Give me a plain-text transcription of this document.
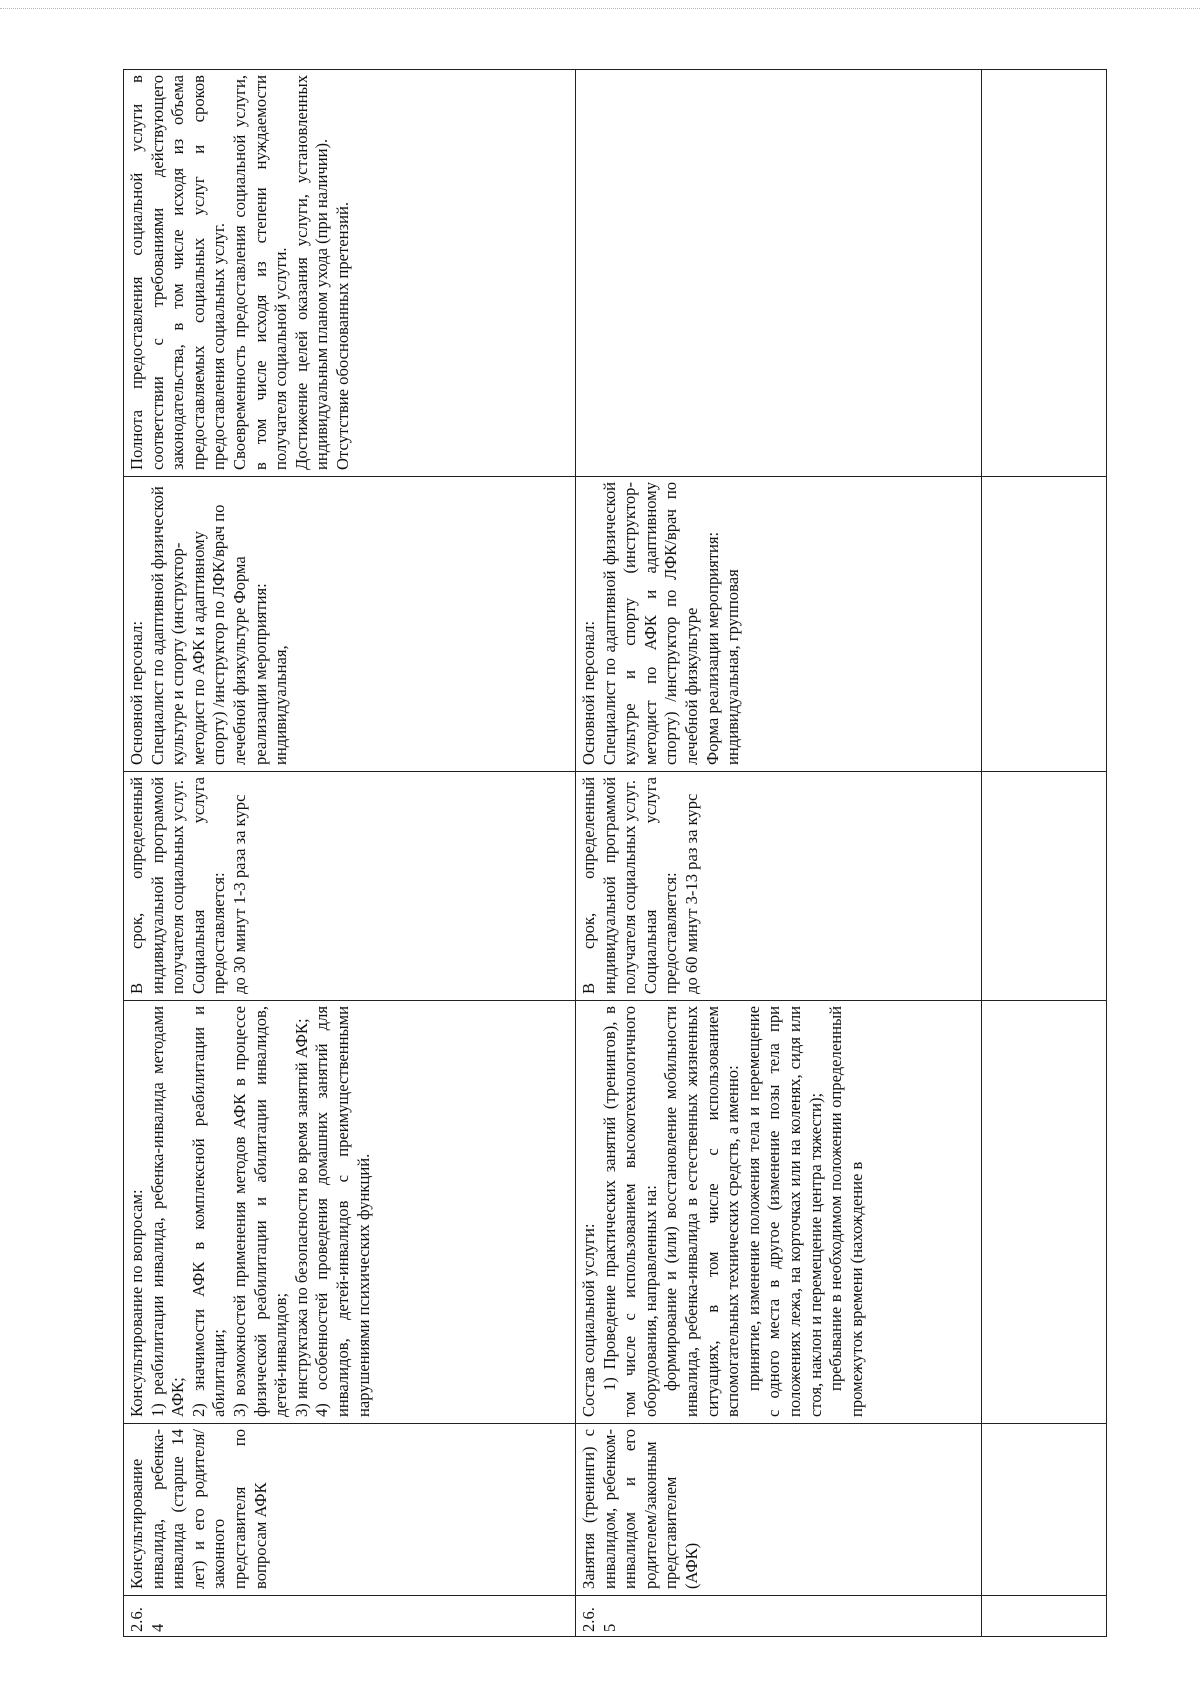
2.6.4

Консультирование инвалида, ребенка-инвалида (старше 14 лет) и его родителя/законного представителя по вопросам АФК

Консультирование по вопросам: 1) реабилитации инвалида, ребенка-инвалида методами АФК; 2) значимости АФК в комплексной реабилитации и абилитации; 3) возможностей применения методов АФК в процессе физической реабилитации и абилитации инвалидов, детей-инвалидов; 3) инструктажа по безопасности во время занятий АФК; 4) особенностей проведения домашних занятий для инвалидов, детей-инвалидов с преимущественными нарушениями психических функций.

В срок, определенный индивидуальной программой получателя социальных услуг. Социальная услуга предоставляется: до 30 минут 1-3 раза за курс

Основной персонал: Специалист по адаптивной физической культуре и спорту (инструктор-методист по АФК и адаптивному спорту) /инструктор по ЛФК/врач по лечебной физкультуре Форма реализации мероприятия: индивидуальная,

Полнота предоставления социальной услуги в соответствии с требованиями действующего законодательства, в том числе исходя из объема предоставляемых социальных услуг и сроков предоставления социальных услуг. Своевременность предоставления социальной услуги, в том числе исходя из степени нуждаемости получателя социальной услуги. Достижение целей оказания услуги, установленных индивидуальным планом ухода (при наличии). Отсутствие обоснованных претензий.

2.6.5

Занятия (тренинги) с инвалидом, ребенком-инвалидом и его родителем/законным представителем (АФК)

Состав социальной услуги: 1) Проведение практических занятий (тренингов), в том числе с использованием высокотехнологичного оборудования, направленных на: формирование и (или) восстановление мобильности инвалида, ребенка-инвалида в естественных жизненных ситуациях, в том числе с использованием вспомогательных технических средств, а именно: принятие, изменение положения тела и перемещение с одного места в другое (изменение позы тела при положениях лежа, на корточках или на коленях, сидя или стоя, наклон и перемещение центра тяжести); пребывание в необходимом положении определенный промежуток времени (нахождение в

В срок, определенный индивидуальной программой получателя социальных услуг. Социальная услуга предоставляется: до 60 минут 3-13 раз за курс

Основной персонал: Специалист по адаптивной физической культуре и спорту (инструктор-методист по АФК и адаптивному спорту) /инструктор по ЛФК/врач по лечебной физкультуре Форма реализации мероприятия: индивидуальная, групповая
